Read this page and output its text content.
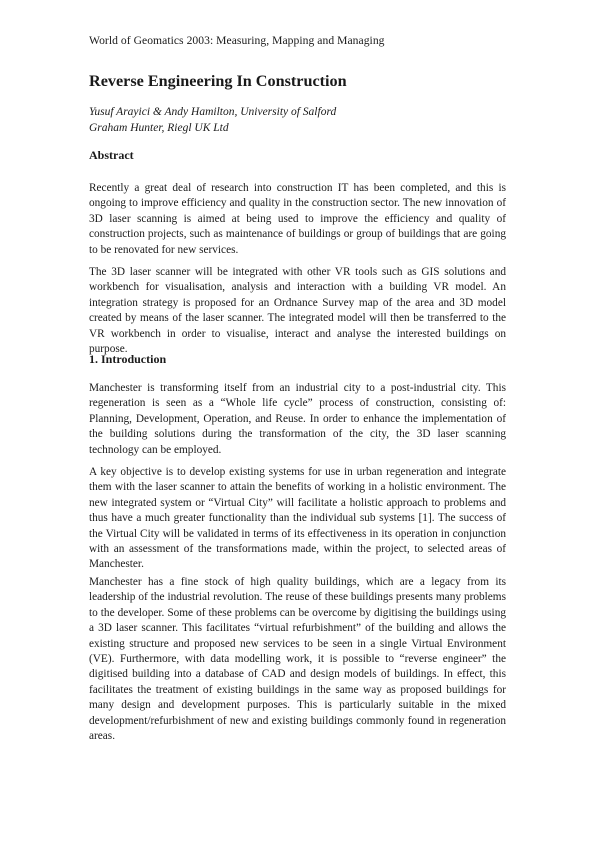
World of Geomatics 2003: Measuring, Mapping and Managing
Reverse Engineering In Construction
Yusuf Arayici & Andy Hamilton, University of Salford
Graham Hunter, Riegl UK Ltd
Abstract

Recently a great deal of research into construction IT has been completed, and this is ongoing to improve efficiency and quality in the construction sector. The new innovation of 3D laser scanning is aimed at being used to improve the efficiency and quality of construction projects, such as maintenance of buildings or group of buildings that are going to be renovated for new services.

The 3D laser scanner will be integrated with other VR tools such as GIS solutions and workbench for visualisation, analysis and interaction with a building VR model. An integration strategy is proposed for an Ordnance Survey map of the area and 3D model created by means of the laser scanner. The integrated model will then be transferred to the VR workbench in order to visualise, interact and analyse the interested buildings on purpose.

1. Introduction

Manchester is transforming itself from an industrial city to a post-industrial city. This regeneration is seen as a “Whole life cycle” process of construction, consisting of: Planning, Development, Operation, and Reuse. In order to enhance the implementation of the building solutions during the transformation of the city, the 3D laser scanning technology can be employed.

A key objective is to develop existing systems for use in urban regeneration and integrate them with the laser scanner to attain the benefits of working in a holistic environment. The new integrated system or “Virtual City” will facilitate a holistic approach to problems and thus have a much greater functionality than the individual sub systems [1]. The success of the Virtual City will be validated in terms of its effectiveness in its operation in conjunction with an assessment of the transformations made, within the project, to selected areas of Manchester.

Manchester has a fine stock of high quality buildings, which are a legacy from its leadership of the industrial revolution. The reuse of these buildings presents many problems to the developer. Some of these problems can be overcome by digitising the buildings using a 3D laser scanner. This facilitates “virtual refurbishment” of the building and allows the existing structure and proposed new services to be seen in a single Virtual Environment (VE). Furthermore, with data modelling work, it is possible to “reverse engineer” the digitised building into a database of CAD and design models of buildings. In effect, this facilitates the treatment of existing buildings in the same way as proposed buildings for many design and development purposes. This is particularly suitable in the mixed development/refurbishment of new and existing buildings commonly found in regeneration areas.
